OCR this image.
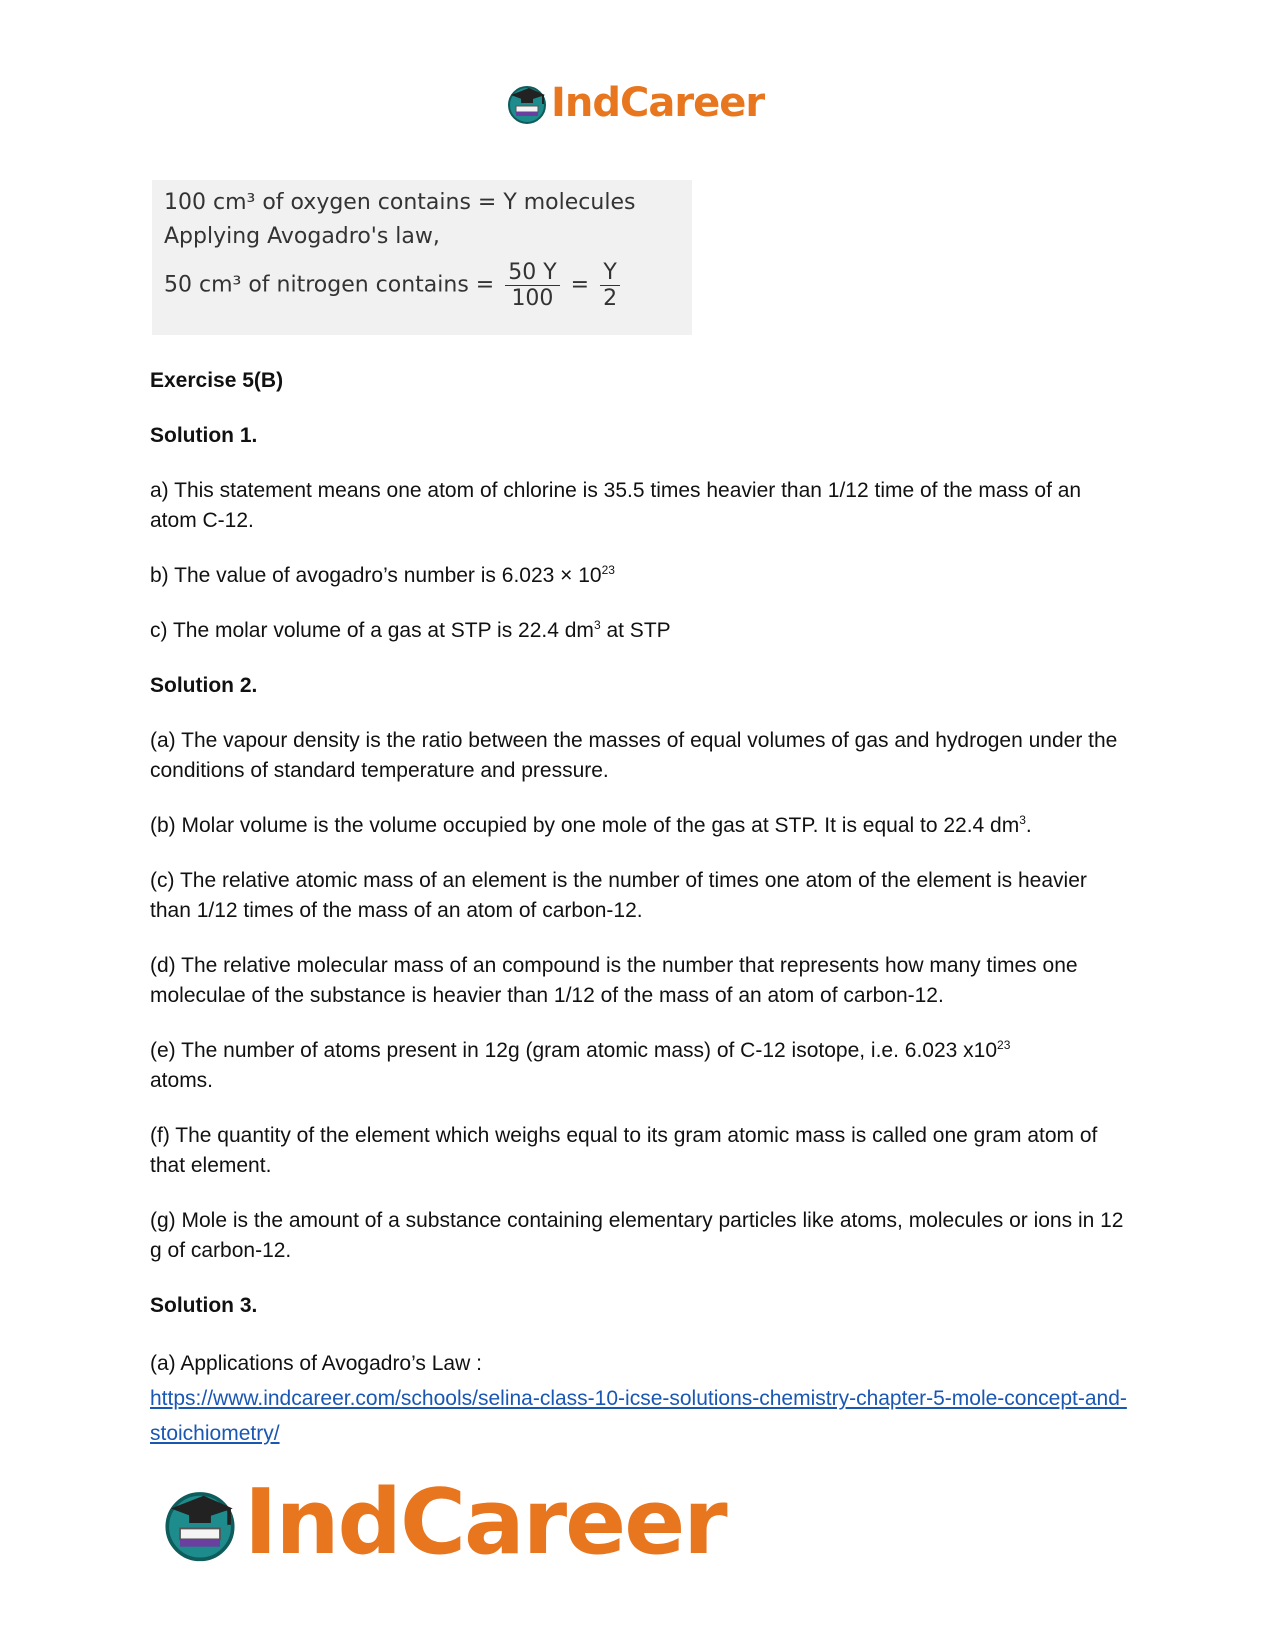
IndCareer
100 cm³ of oxygen contains = Y molecules
Applying Avogadro's law,
50 cm³ of nitrogen contains = $\frac{50 Y}{100} = \frac{Y}{2}$

Exercise 5(B)

Solution 1.

a) This statement means one atom of chlorine is 35.5 times heavier than 1/12 time of the mass of an atom C-12.

b) The value of avogadro’s number is $6.023 \times 10^{23}$

c) The molar volume of a gas at STP is 22.4 $dm^3$ at STP

Solution 2.

(a) The vapour density is the ratio between the masses of equal volumes of gas and hydrogen under the conditions of standard temperature and pressure.

(b) Molar volume is the volume occupied by one mole of the gas at STP. It is equal to 22.4 $dm^3$.

(c) The relative atomic mass of an element is the number of times one atom of the element is heavier than 1/12 times of the mass of an atom of carbon-12.

(d) The relative molecular mass of an compound is the number that represents how many times one moleculae of the substance is heavier than 1/12 of the mass of an atom of carbon-12.

(e) The number of atoms present in 12g (gram atomic mass) of C-12 isotope, i.e. 6.023 $x10^{23}$
atoms.

(f) The quantity of the element which weighs equal to its gram atomic mass is called one gram atom of that element.

(g) Mole is the amount of a substance containing elementary particles like atoms, molecules or ions in 12 g of carbon-12.

Solution 3.

(a) Applications of Avogadro’s Law :
https://www.indcareer.com/schools/selina-class-10-icse-solutions-chemistry-chapter-5-mole-concept-and-stoichiometry/

IndCareer
